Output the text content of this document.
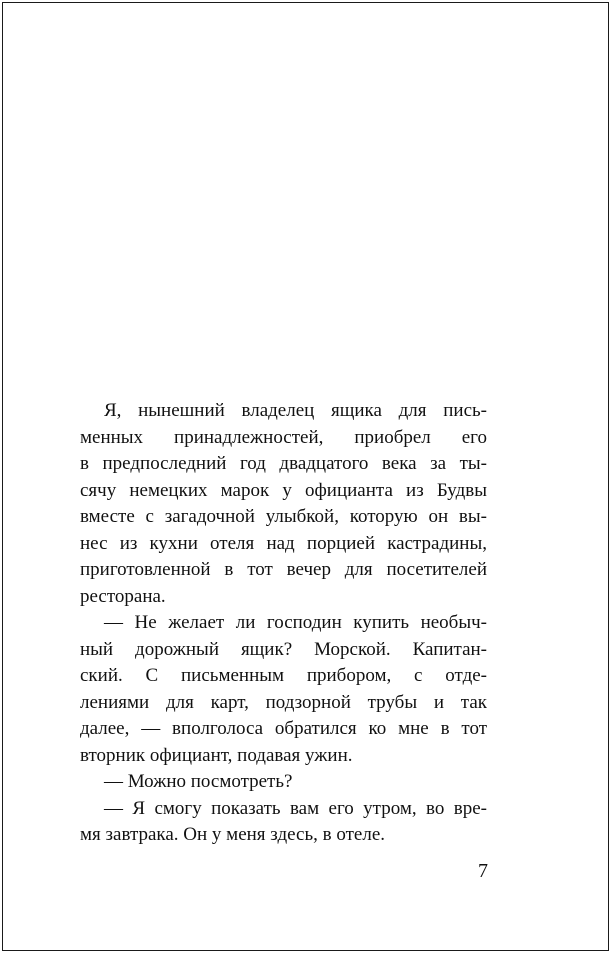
Я, нынешний владелец ящика для пись-
менных принадлежностей, приобрел его
в предпоследний год двадцатого века за ты-
сячу немецких марок у официанта из Будвы
вместе с загадочной улыбкой, которую он вы-
нес из кухни отеля над порцией кастрадины,
приготовленной в тот вечер для посетителей
ресторана.
— Не желает ли господин купить необыч-
ный дорожный ящик? Морской. Капитан-
ский. С письменным прибором, с отде-
лениями для карт, подзорной трубы и так
далее, — вполголоса обратился ко мне в тот
вторник официант, подавая ужин.
— Можно посмотреть?
— Я смогу показать вам его утром, во вре-
мя завтрака. Он у меня здесь, в отеле.
7
